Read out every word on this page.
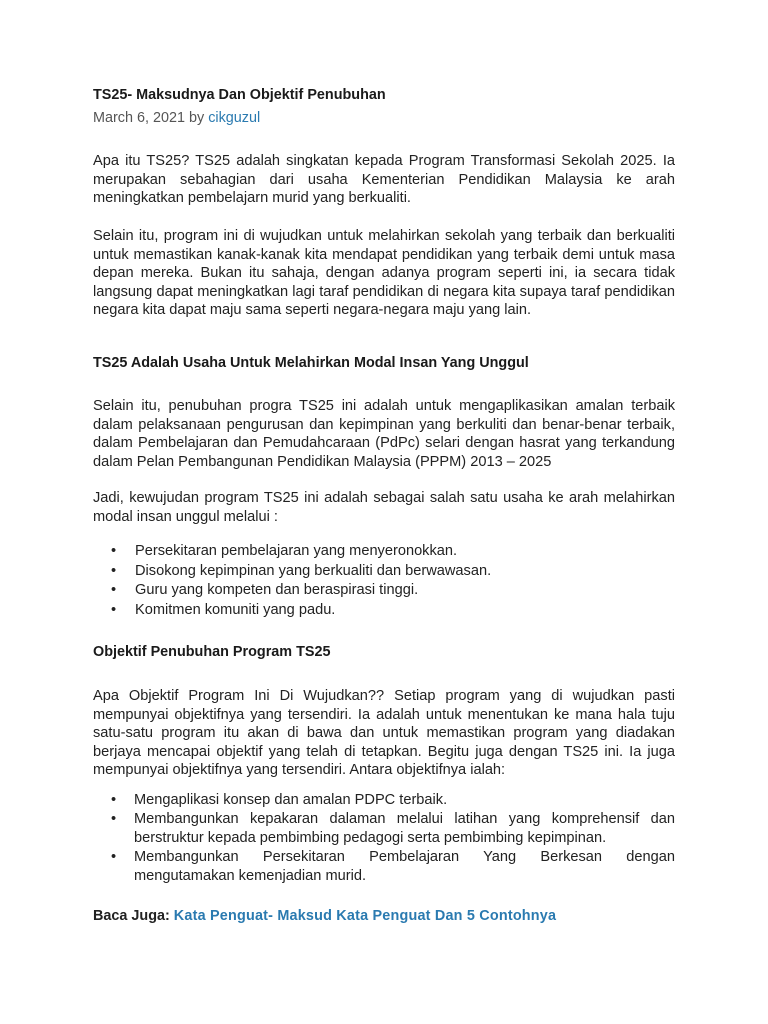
TS25- Maksudnya Dan Objektif Penubuhan
March 6, 2021 by cikguzul

Apa itu TS25? TS25 adalah singkatan kepada Program Transformasi Sekolah 2025. Ia merupakan sebahagian dari usaha Kementerian Pendidikan Malaysia ke arah meningkatkan pembelajarn murid yang berkualiti.

Selain itu, program ini di wujudkan untuk melahirkan sekolah yang terbaik dan berkualiti untuk memastikan kanak-kanak kita mendapat pendidikan yang terbaik demi untuk masa depan mereka. Bukan itu sahaja, dengan adanya program seperti ini, ia secara tidak langsung dapat meningkatkan lagi taraf pendidikan di negara kita supaya taraf pendidikan negara kita dapat maju sama seperti negara-negara maju yang lain.

TS25 Adalah Usaha Untuk Melahirkan Modal Insan Yang Unggul

Selain itu, penubuhan progra TS25 ini adalah untuk mengaplikasikan amalan terbaik dalam pelaksanaan pengurusan dan kepimpinan yang berkuliti dan benar-benar terbaik, dalam Pembelajaran dan Pemudahcaraan (PdPc) selari dengan hasrat yang terkandung dalam Pelan Pembangunan Pendidikan Malaysia (PPPM) 2013 – 2025

Jadi, kewujudan program TS25 ini adalah sebagai salah satu usaha ke arah melahirkan modal insan unggul melalui :

• Persekitaran pembelajaran yang menyeronokkan.
• Disokong kepimpinan yang berkualiti dan berwawasan.
• Guru yang kompeten dan beraspirasi tinggi.
• Komitmen komuniti yang padu.
Objektif Penubuhan Program TS25

Apa Objektif Program Ini Di Wujudkan?? Setiap program yang di wujudkan pasti mempunyai objektifnya yang tersendiri. Ia adalah untuk menentukan ke mana hala tuju satu-satu program itu akan di bawa dan untuk memastikan program yang diadakan berjaya mencapai objektif yang telah di tetapkan. Begitu juga dengan TS25 ini. Ia juga mempunyai objektifnya yang tersendiri. Antara objektifnya ialah:

• Mengaplikasi konsep dan amalan PDPC terbaik.
• Membangunkan kepakaran dalaman melalui latihan yang komprehensif dan berstruktur kepada pembimbing pedagogi serta pembimbing kepimpinan.
• Membangunkan Persekitaran Pembelajaran Yang Berkesan dengan mengutamakan kemenjadian murid.
Baca Juga: Kata Penguat- Maksud Kata Penguat Dan 5 Contohnya
